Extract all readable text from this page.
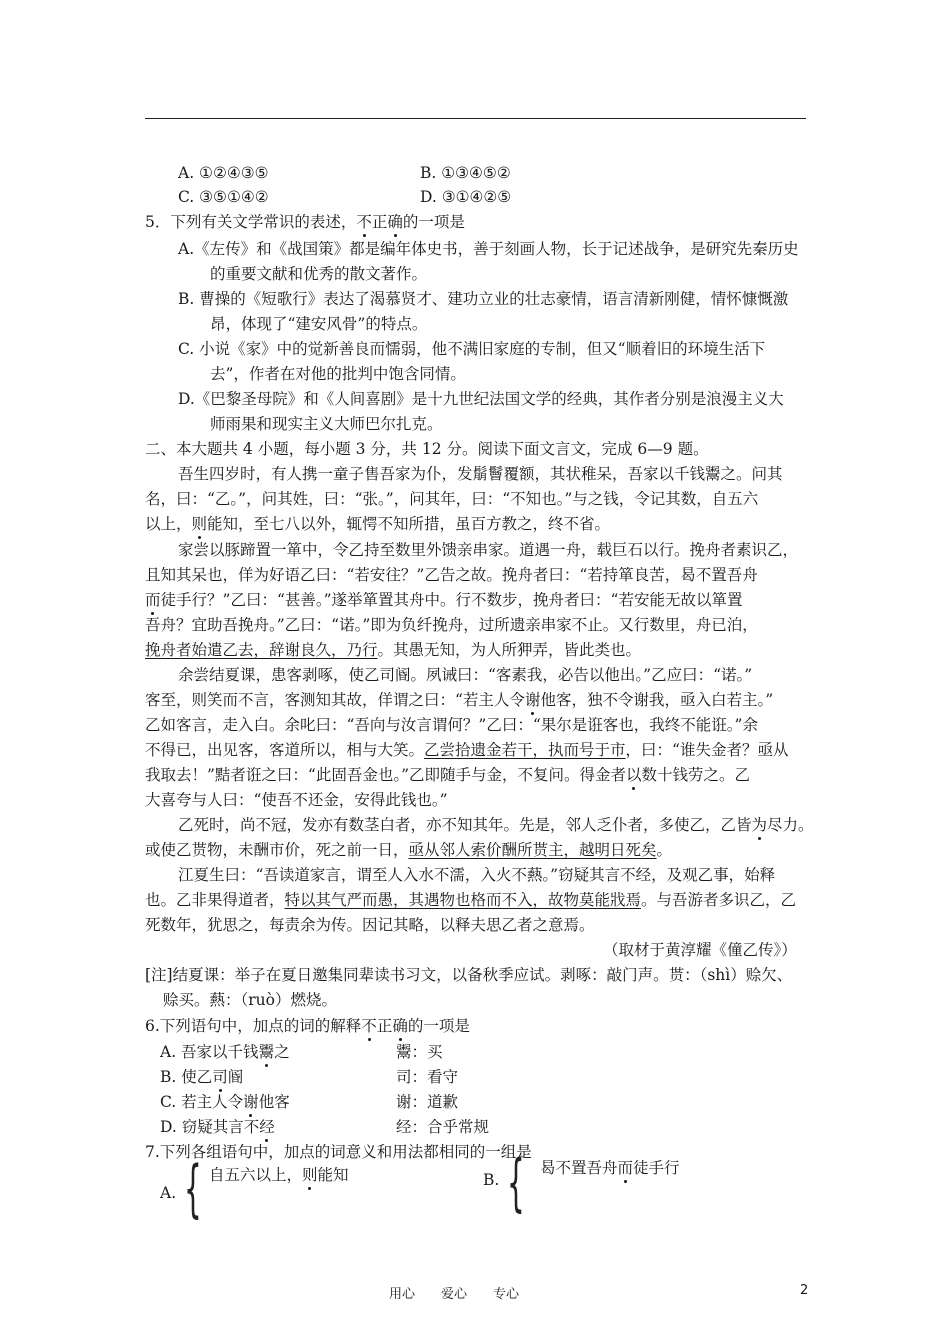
A. ①②④③⑤	B. ①③④⑤②
C. ③⑤①④②	D. ③①④②⑤
5．下列有关文学常识的表述，不正确的一项是
A.《左传》和《战国策》都是编年体史书，善于刻画人物，长于记述战争，是研究先秦历史
的重要文献和优秀的散文著作。
B. 曹操的《短歌行》表达了渴慕贤才、建功立业的壮志豪情，语言清新刚健，情怀慷慨激
昂，体现了“建安风骨”的特点。
C. 小说《家》中的觉新善良而懦弱，他不满旧家庭的专制，但又“顺着旧的环境生活下
去”，作者在对他的批判中饱含同情。
D.《巴黎圣母院》和《人间喜剧》是十九世纪法国文学的经典，其作者分别是浪漫主义大
师雨果和现实主义大师巴尔扎克。
二、本大题共 4 小题，每小题 3 分，共 12 分。阅读下面文言文，完成 6—9 题。
吾生四岁时，有人携一童子售吾家为仆，发鬅鬙覆额，其状稚呆，吾家以千钱鬻之。问其
名，曰：“乙。”，问其姓，曰：“张。”，问其年，曰：“不知也。”与之钱，令记其数，自五六
以上，则能知，至七八以外，辄愕不知所措，虽百方教之，终不省。
家尝以豚蹄置一箪中，令乙持至数里外馈亲串家。道遇一舟，载巨石以行。挽舟者素识乙，
且知其呆也，佯为好语乙曰：“若安往？”乙告之故。挽舟者曰：“若持箪良苦，曷不置吾舟
而徒手行？”乙曰：“甚善。”遂举箪置其舟中。行不数步，挽舟者曰：“若安能无故以箪置
吾舟？宜助吾挽舟。”乙曰：“诺。”即为负纤挽舟，过所遗亲串家不止。又行数里，舟已泊，
挽舟者始遣乙去，辞谢良久，乃行。其愚无知，为人所狎弄，皆此类也。
余尝结夏课，患客剥啄，使乙司阍。夙诫曰：“客素我，必告以他出。”乙应曰：“诺。”
客至，则笑而不言，客测知其故，佯谓之曰：“若主人令谢他客，独不令谢我，亟入白若主。”
乙如客言，走入白。余叱曰：“吾向与汝言谓何？”乙曰：“果尔是诳客也，我终不能诳。”余
不得已，出见客，客道所以，相与大笑。乙尝拾遗金若干，执而号于市，曰：“谁失金者？亟从
我取去！”黠者诳之曰：“此固吾金也。”乙即随手与金，不复问。得金者以数十钱劳之。乙
大喜夸与人曰：“使吾不还金，安得此钱也。”
乙死时，尚不冠，发亦有数茎白者，亦不知其年。先是，邻人乏仆者，多使乙，乙皆为尽力。
或使乙贳物，未酬市价，死之前一日，亟从邻人索价酬所贳主，越明日死矣。
江夏生曰：“吾读道家言，谓至人入水不濡，入火不爇。”窃疑其言不经，及观乙事，始释
也。乙非果得道者，特以其气严而愚，其遇物也格而不入，故物莫能戕焉。与吾游者多识乙，乙
死数年，犹思之，每责余为传。因记其略，以释夫思乙者之意焉。
（取材于黄淳耀《僮乙传》）
[注]结夏课：举子在夏日邀集同辈读书习文，以备秋季应试。剥啄：敲门声。贳：（shì）赊欠、
赊买。爇：（ruò）燃烧。
6.下列语句中，加点的词的解释不正确的一项是
A. 吾家以千钱鬻之	鬻：买
B. 使乙司阍	司：看守
C. 若主人令谢他客	谢：道歉
D. 窃疑其言不经	经：合乎常规
7.下列各组语句中，加点的词意义和用法都相同的一组是
A. { 自五六以上，则能知	B. { 曷不置吾舟而徒手行
用心　　爱心　　专心	2
